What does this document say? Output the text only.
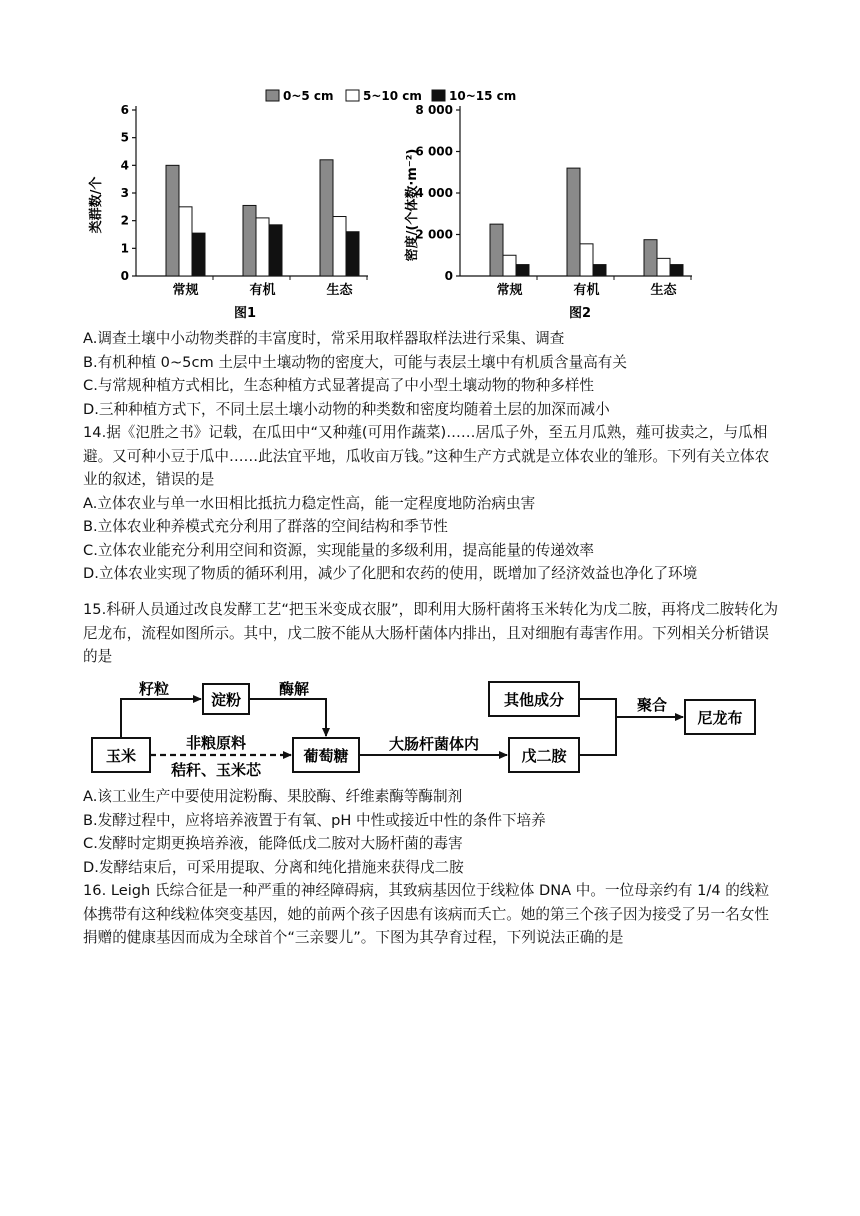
0~5 cm 5~10 cm 10~15 cm
类群数/个
0
1
2
3
4
5
6
常规	有机	生态
图1
密度/(个体数·m⁻²)
0
2 000
4 000
6 000
8 000
常规	有机	生态
图2

A.调查土壤中小动物类群的丰富度时，常采用取样器取样法进行采集、调查

B.有机种植 0~5cm 土层中土壤动物的密度大，可能与表层土壤中有机质含量高有关

C.与常规种植方式相比，生态种植方式显著提高了中小型土壤动物的物种多样性

D.三种种植方式下，不同土层土壤小动物的种类数和密度均随着土层的加深而减小

14.据《氾胜之书》记载，在瓜田中“又种薤(可用作蔬菜)……居瓜子外，至五月瓜熟，薤可拔卖之，与瓜相避。又可种小豆于瓜中……此法宜平地，瓜收亩万钱。”这种生产方式就是立体农业的雏形。下列有关立体农业的叙述，错误的是

A.立体农业与单一水田相比抵抗力稳定性高，能一定程度地防治病虫害

B.立体农业种养模式充分利用了群落的空间结构和季节性

C.立体农业能充分利用空间和资源，实现能量的多级利用，提高能量的传递效率

D.立体农业实现了物质的循环利用，减少了化肥和农药的使用，既增加了经济效益也净化了环境

15.科研人员通过改良发酵工艺“把玉米变成衣服”，即利用大肠杆菌将玉米转化为戊二胺，再将戊二胺转化为尼龙布，流程如图所示。其中，戊二胺不能从大肠杆菌体内排出，且对细胞有毒害作用。下列相关分析错误的是

玉米
淀粉
葡萄糖	戊二胺
其他成分
尼龙布
籽粒	酶解
非粮原料
秸秆、玉米芯
大肠杆菌体内
聚合

A.该工业生产中要使用淀粉酶、果胶酶、纤维素酶等酶制剂

B.发酵过程中，应将培养液置于有氧、pH 中性或接近中性的条件下培养

C.发酵时定期更换培养液，能降低戊二胺对大肠杆菌的毒害

D.发酵结束后，可采用提取、分离和纯化措施来获得戊二胺

16. Leigh 氏综合征是一种严重的神经障碍病，其致病基因位于线粒体 DNA 中。一位母亲约有 1/4 的线粒体携带有这种线粒体突变基因，她的前两个孩子因患有该病而夭亡。她的第三个孩子因为接受了另一名女性捐赠的健康基因而成为全球首个“三亲婴儿”。下图为其孕育过程，下列说法正确的是
